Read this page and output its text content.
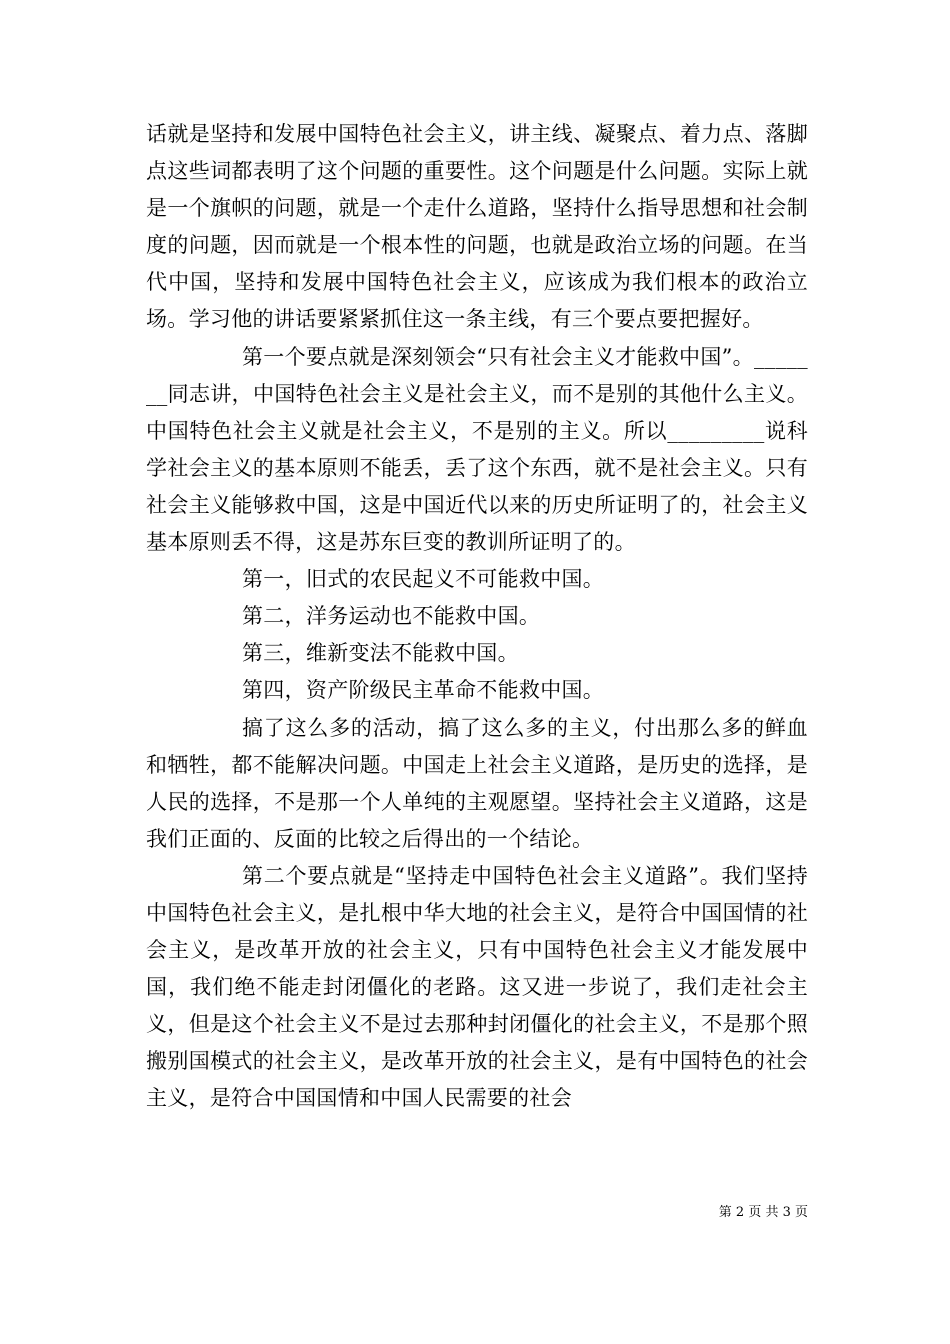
话就是坚持和发展中国特色社会主义，讲主线、凝聚点、着力点、落脚点这些词都表明了这个问题的重要性。这个问题是什么问题。实际上就是一个旗帜的问题，就是一个走什么道路，坚持什么指导思想和社会制度的问题，因而就是一个根本性的问题，也就是政治立场的问题。在当代中国，坚持和发展中国特色社会主义，应该成为我们根本的政治立场。学习他的讲话要紧紧抓住这一条主线，有三个要点要把握好。

第一个要点就是深刻领会“只有社会主义才能救中国”。_______同志讲，中国特色社会主义是社会主义，而不是别的其他什么主义。中国特色社会主义就是社会主义，不是别的主义。所以_________说科学社会主义的基本原则不能丢，丢了这个东西，就不是社会主义。只有社会主义能够救中国，这是中国近代以来的历史所证明了的，社会主义基本原则丢不得，这是苏东巨变的教训所证明了的。

第一，旧式的农民起义不可能救中国。

第二，洋务运动也不能救中国。

第三，维新变法不能救中国。

第四，资产阶级民主革命不能救中国。

搞了这么多的活动，搞了这么多的主义，付出那么多的鲜血和牺牲，都不能解决问题。中国走上社会主义道路，是历史的选择，是人民的选择，不是那一个人单纯的主观愿望。坚持社会主义道路，这是我们正面的、反面的比较之后得出的一个结论。

第二个要点就是“坚持走中国特色社会主义道路”。我们坚持中国特色社会主义，是扎根中华大地的社会主义，是符合中国国情的社会主义，是改革开放的社会主义，只有中国特色社会主义才能发展中国，我们绝不能走封闭僵化的老路。这又进一步说了，我们走社会主义，但是这个社会主义不是过去那种封闭僵化的社会主义，不是那个照搬别国模式的社会主义，是改革开放的社会主义，是有中国特色的社会主义，是符合中国国情和中国人民需要的社会

第 2 页 共 3 页
